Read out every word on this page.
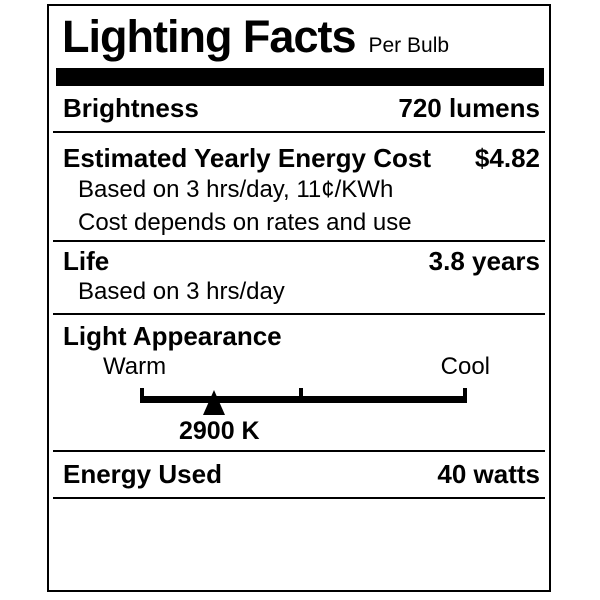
Lighting Facts Per Bulb
Brightness	720 lumens
Estimated Yearly Energy Cost $4.82
Based on 3 hrs/day, 11¢/KWh
Cost depends on rates and use
Life	3.8 years
Based on 3 hrs/day
Light Appearance
Warm	Cool
2900 K
Energy Used	40 watts
